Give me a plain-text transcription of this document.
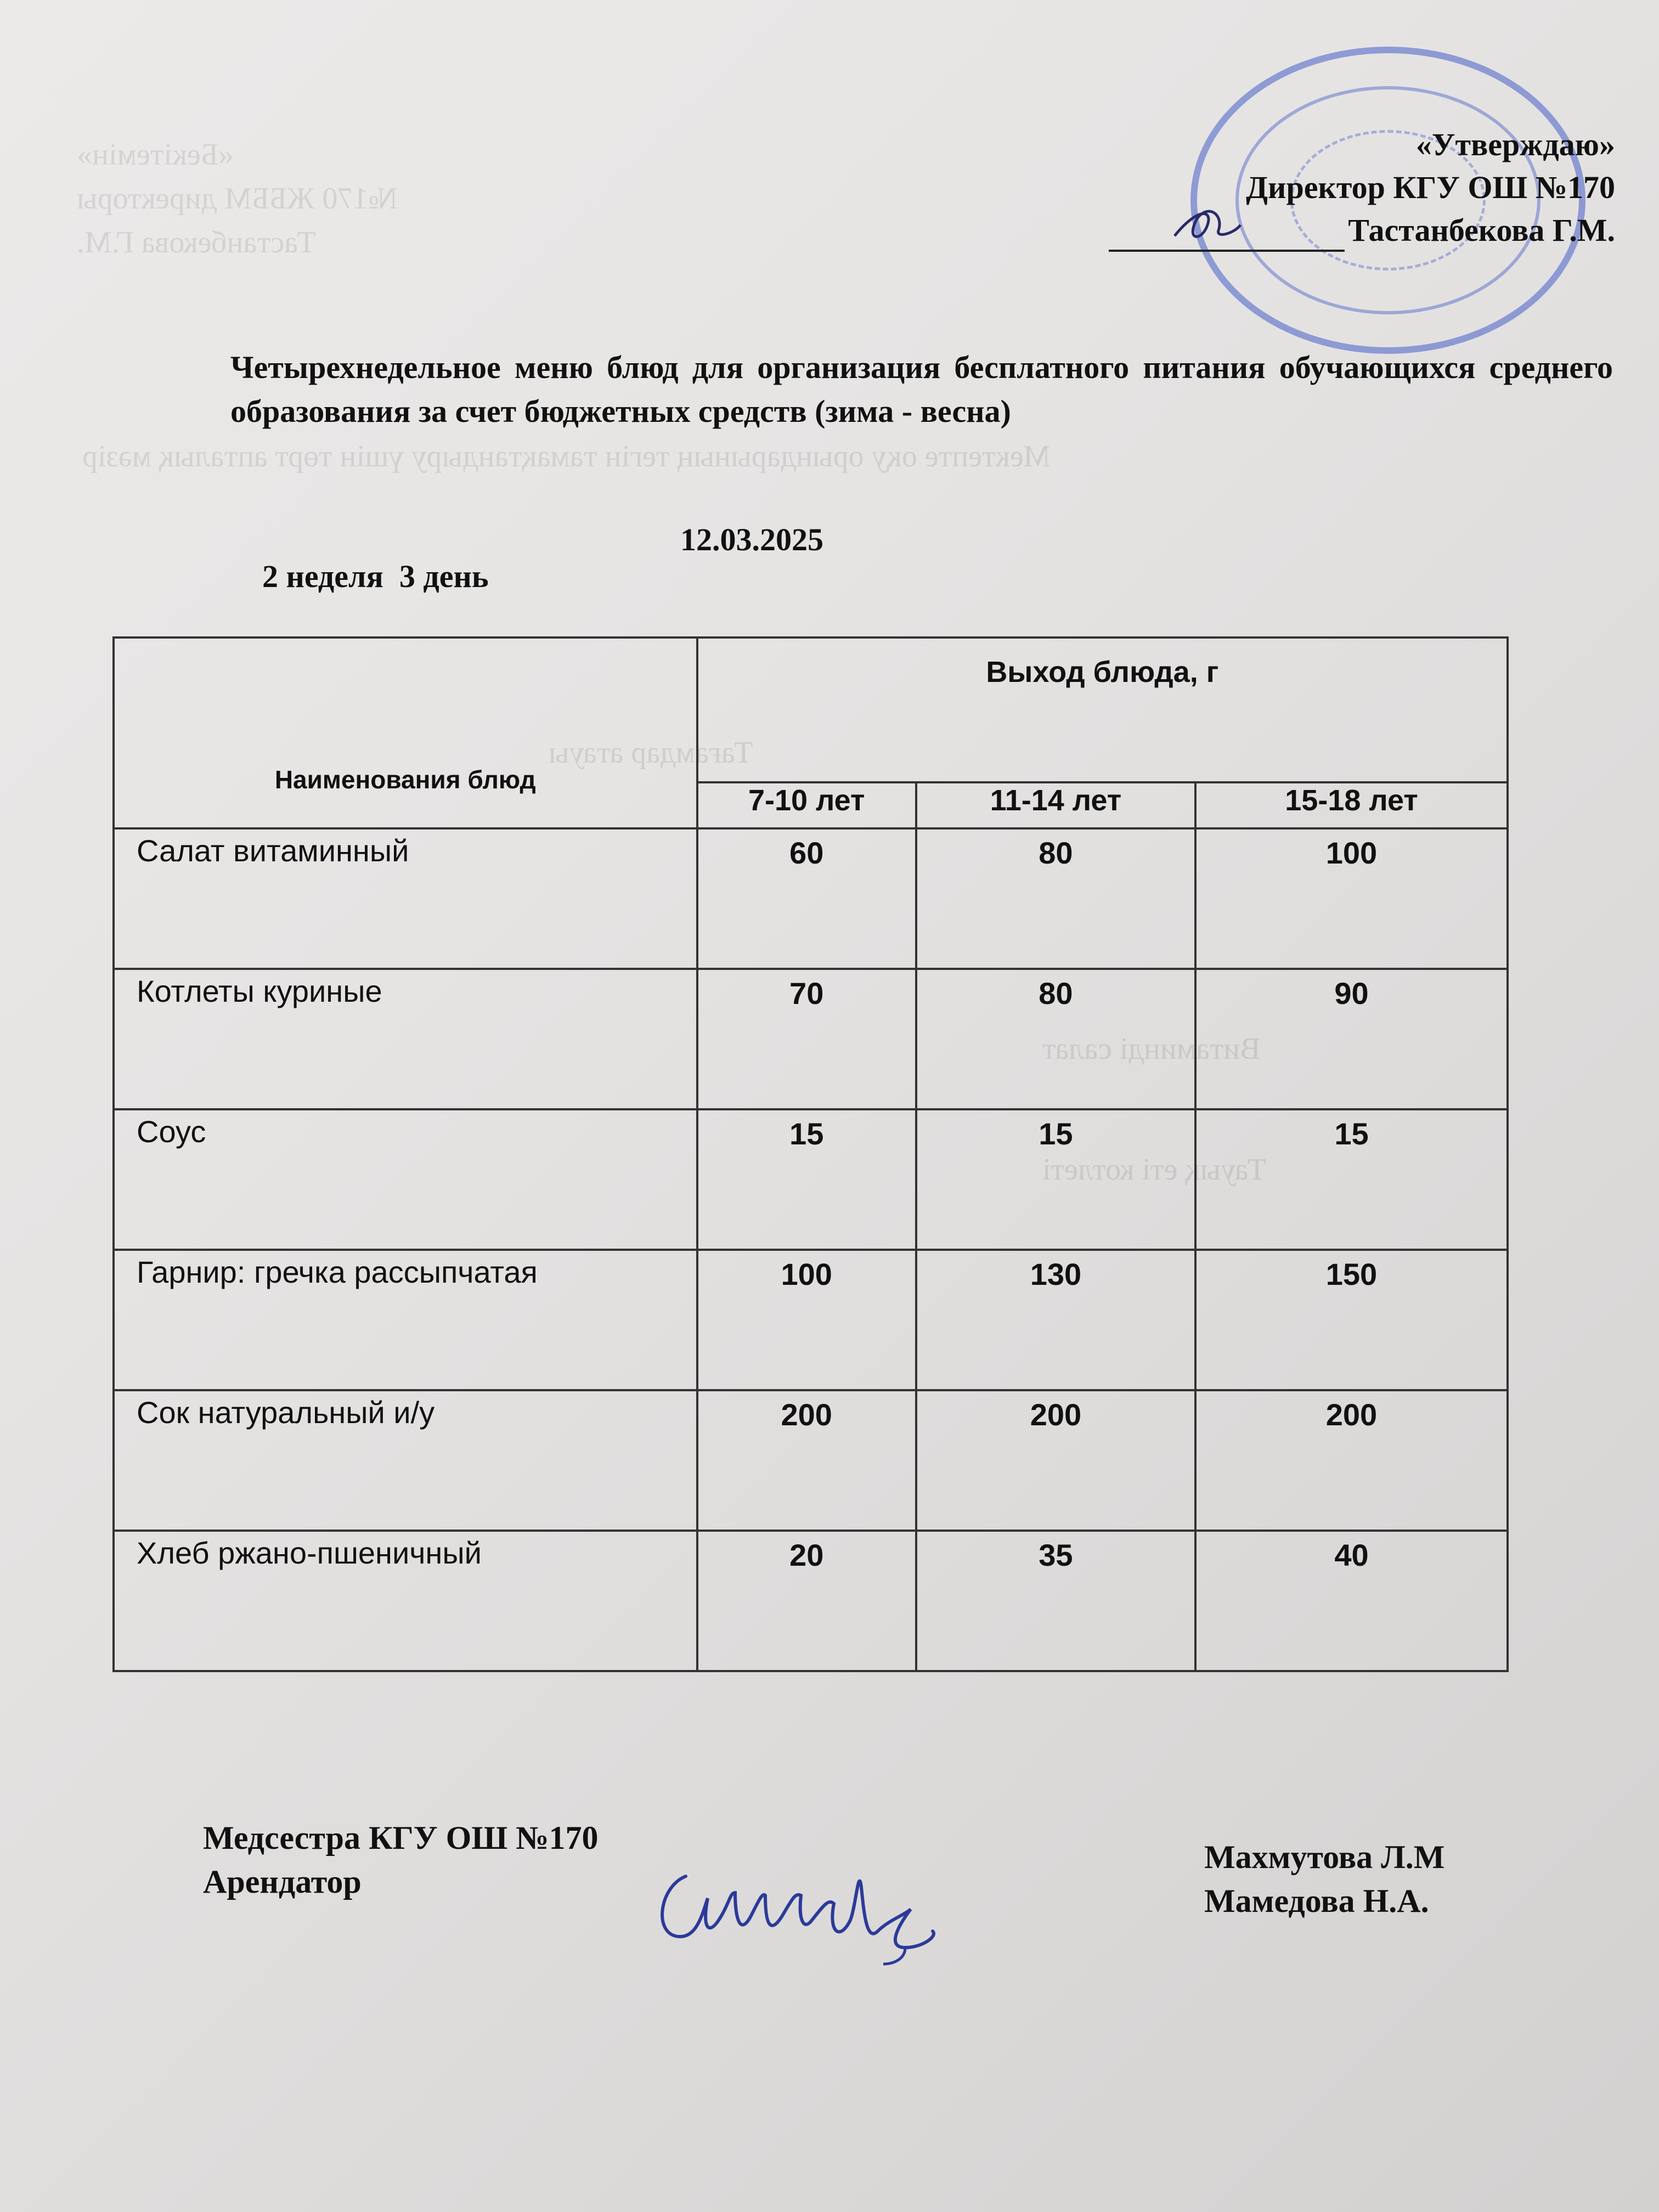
«Бекітемін»
№170 ЖББМ директоры
Тастанбекова Г.М.
Мектепте оқу орындарының тегін тамақтандыру үшін төрт апталық мәзір
Тағамдар атауы
Витаминді салат
Тауық еті котлеті
«Утверждаю»
Директор КГУ ОШ №170
Тастанбекова Г.М.
Четырехнедельное меню блюд для организация бесплатного питания обучающихся среднего образования за счет бюджетных средств (зима - весна)

2 неделя  3 день

12.03.2025

Наименования блюд	Выход блюда, г		
	7-10 лет	11-14 лет	15-18 лет
Салат витаминный	60	80	100
Котлеты куриные	70	80	90
Соус	15	15	15
Гарнир: гречка рассыпчатая	100	130	150
Сок натуральный и/у	200	200	200
Хлеб ржано-пшеничный	20	35	40
Медсестра КГУ ОШ №170
Арендатор
Махмутова Л.М
Мамедова Н.А.
